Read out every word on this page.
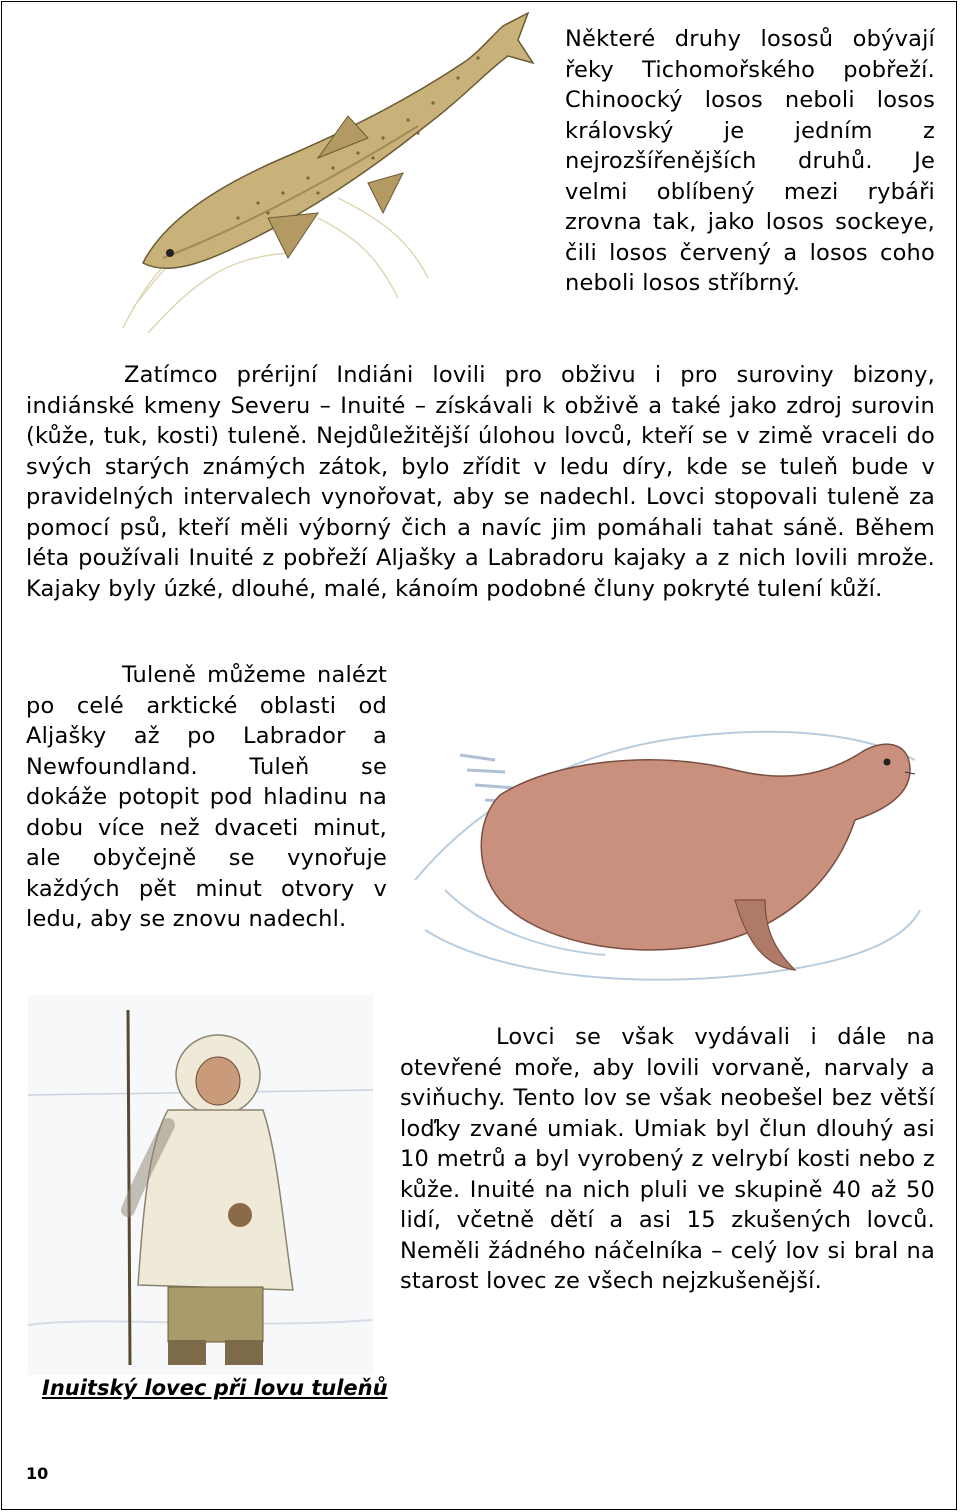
Některé druhy lososů obývají řeky Tichomořského pobřeží. Chinoocký losos neboli losos královský je jedním z nejrozšířenějších druhů. Je velmi oblíbený mezi rybáři zrovna tak, jako losos sockeye, čili losos červený a losos coho neboli losos stříbrný.
Zatímco prérijní Indiáni lovili pro obživu i pro suroviny bizony, indiánské kmeny Severu – Inuité – získávali k obživě a také jako zdroj surovin (kůže, tuk, kosti) tuleně. Nejdůležitější úlohou lovců, kteří se v zimě vraceli do svých starých známých zátok, bylo zřídit v ledu díry, kde se tuleň bude v pravidelných intervalech vynořovat, aby se nadechl. Lovci stopovali tuleně za pomocí psů, kteří měli výborný čich a navíc jim pomáhali tahat sáně. Během léta používali Inuité z pobřeží Aljašky a Labradoru kajaky a z nich lovili mrože. Kajaky byly úzké, dlouhé, malé, kánoím podobné čluny pokryté tulení kůží.
Tuleně můžeme nalézt po celé arktické oblasti od Aljašky až po Labrador a Newfoundland. Tuleň se dokáže potopit pod hladinu na dobu více než dvaceti minut, ale obyčejně se vynořuje každých pět minut otvory v ledu, aby se znovu nadechl.
Lovci se však vydávali i dále na otevřené moře, aby lovili vorvaně, narvaly a sviňuchy. Tento lov se však neobešel bez větší loďky zvané umiak. Umiak byl člun dlouhý asi 10 metrů a byl vyrobený z velrybí kosti nebo z kůže. Inuité na nich pluli ve skupině 40 až 50 lidí, včetně dětí a asi 15 zkušených lovců. Neměli žádného náčelníka – celý lov si bral na starost lovec ze všech nejzkušenější.
Inuitský lovec při lovu tuleňů
10
